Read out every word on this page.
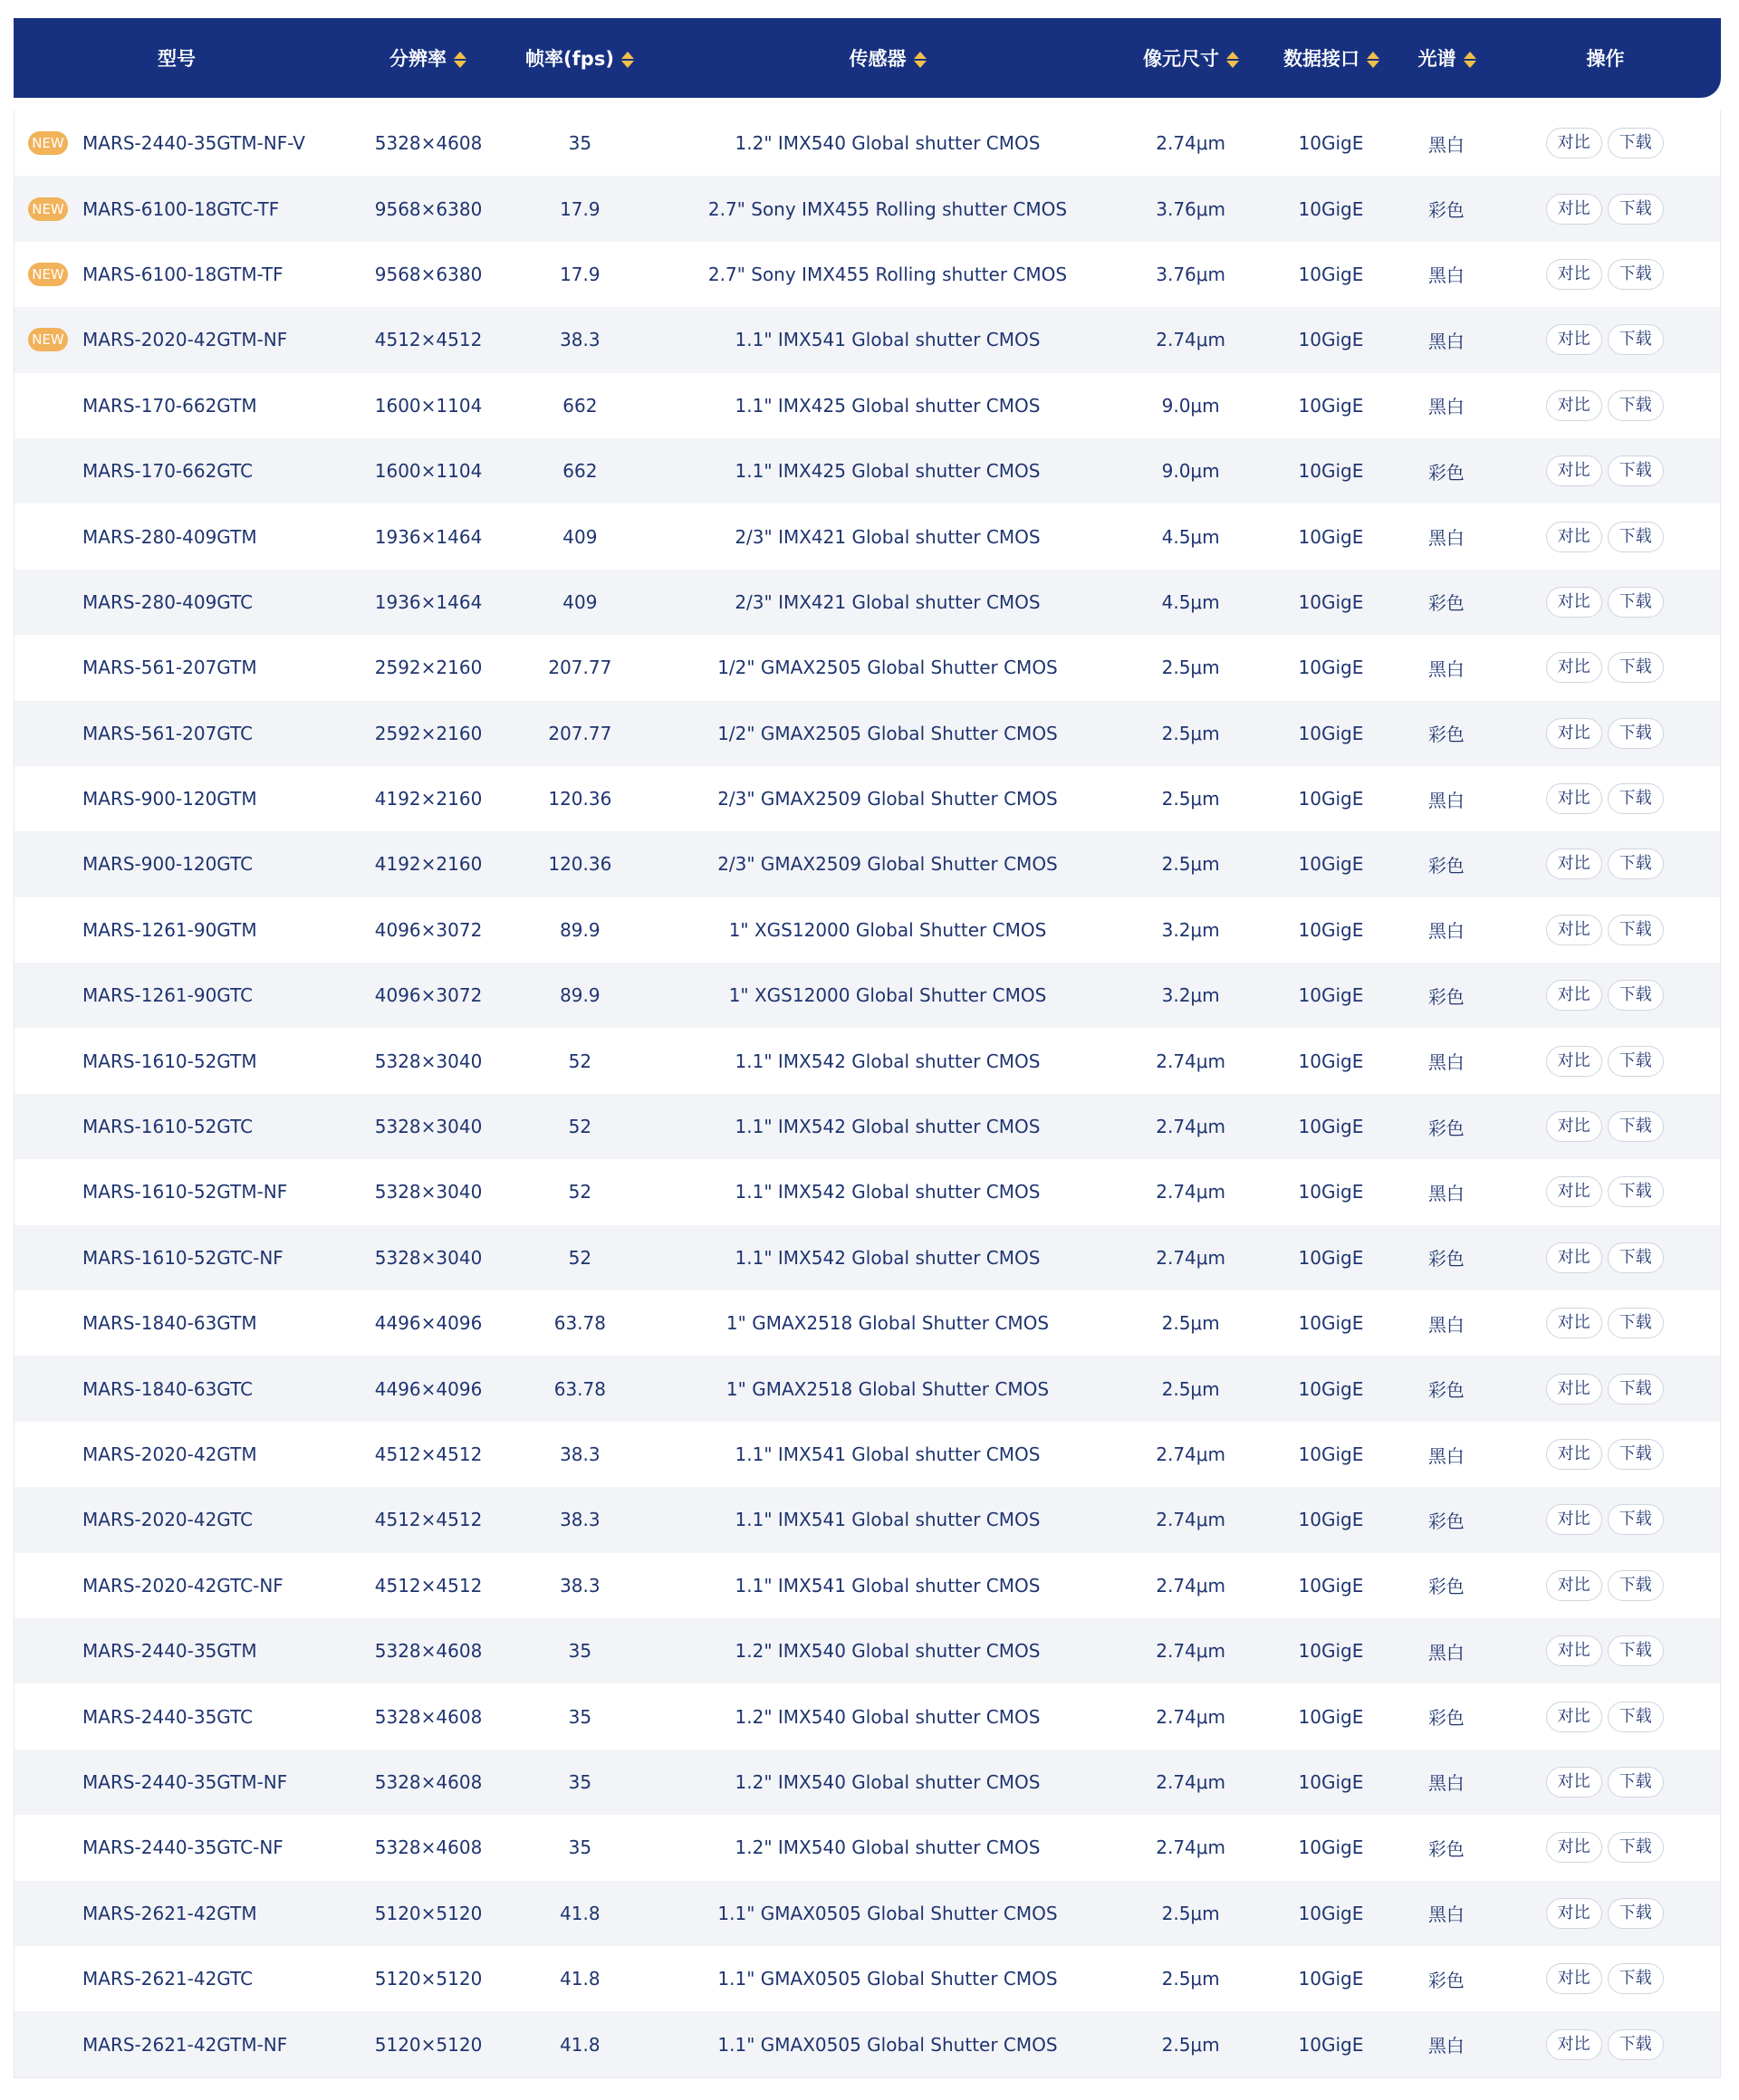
型号	分辨率	帧率(fps)	传感器	像元尺寸	数据接口	光谱	操作
NEW MARS-2440-35GTM-NF-V	5328×4608	35	1.2" IMX540 Global shutter CMOS	2.74μm	10GigE	黑白	对比 下载
NEW MARS-6100-18GTC-TF	9568×6380	17.9	2.7" Sony IMX455 Rolling shutter CMOS	3.76μm	10GigE	彩色	对比 下载
NEW MARS-6100-18GTM-TF	9568×6380	17.9	2.7" Sony IMX455 Rolling shutter CMOS	3.76μm	10GigE	黑白	对比 下载
NEW MARS-2020-42GTM-NF	4512×4512	38.3	1.1" IMX541 Global shutter CMOS	2.74μm	10GigE	黑白	对比 下载
MARS-170-662GTM	1600×1104	662	1.1" IMX425 Global shutter CMOS	9.0μm	10GigE	黑白	对比 下载
MARS-170-662GTC	1600×1104	662	1.1" IMX425 Global shutter CMOS	9.0μm	10GigE	彩色	对比 下载
MARS-280-409GTM	1936×1464	409	2/3" IMX421 Global shutter CMOS	4.5μm	10GigE	黑白	对比 下载
MARS-280-409GTC	1936×1464	409	2/3" IMX421 Global shutter CMOS	4.5μm	10GigE	彩色	对比 下载
MARS-561-207GTM	2592×2160	207.77	1/2" GMAX2505 Global Shutter CMOS	2.5μm	10GigE	黑白	对比 下载
MARS-561-207GTC	2592×2160	207.77	1/2" GMAX2505 Global Shutter CMOS	2.5μm	10GigE	彩色	对比 下载
MARS-900-120GTM	4192×2160	120.36	2/3" GMAX2509 Global Shutter CMOS	2.5μm	10GigE	黑白	对比 下载
MARS-900-120GTC	4192×2160	120.36	2/3" GMAX2509 Global Shutter CMOS	2.5μm	10GigE	彩色	对比 下载
MARS-1261-90GTM	4096×3072	89.9	1" XGS12000 Global Shutter CMOS	3.2μm	10GigE	黑白	对比 下载
MARS-1261-90GTC	4096×3072	89.9	1" XGS12000 Global Shutter CMOS	3.2μm	10GigE	彩色	对比 下载
MARS-1610-52GTM	5328×3040	52	1.1" IMX542 Global shutter CMOS	2.74μm	10GigE	黑白	对比 下载
MARS-1610-52GTC	5328×3040	52	1.1" IMX542 Global shutter CMOS	2.74μm	10GigE	彩色	对比 下载
MARS-1610-52GTM-NF	5328×3040	52	1.1" IMX542 Global shutter CMOS	2.74μm	10GigE	黑白	对比 下载
MARS-1610-52GTC-NF	5328×3040	52	1.1" IMX542 Global shutter CMOS	2.74μm	10GigE	彩色	对比 下载
MARS-1840-63GTM	4496×4096	63.78	1" GMAX2518 Global Shutter CMOS	2.5μm	10GigE	黑白	对比 下载
MARS-1840-63GTC	4496×4096	63.78	1" GMAX2518 Global Shutter CMOS	2.5μm	10GigE	彩色	对比 下载
MARS-2020-42GTM	4512×4512	38.3	1.1" IMX541 Global shutter CMOS	2.74μm	10GigE	黑白	对比 下载
MARS-2020-42GTC	4512×4512	38.3	1.1" IMX541 Global shutter CMOS	2.74μm	10GigE	彩色	对比 下载
MARS-2020-42GTC-NF	4512×4512	38.3	1.1" IMX541 Global shutter CMOS	2.74μm	10GigE	彩色	对比 下载
MARS-2440-35GTM	5328×4608	35	1.2" IMX540 Global shutter CMOS	2.74μm	10GigE	黑白	对比 下载
MARS-2440-35GTC	5328×4608	35	1.2" IMX540 Global shutter CMOS	2.74μm	10GigE	彩色	对比 下载
MARS-2440-35GTM-NF	5328×4608	35	1.2" IMX540 Global shutter CMOS	2.74μm	10GigE	黑白	对比 下载
MARS-2440-35GTC-NF	5328×4608	35	1.2" IMX540 Global shutter CMOS	2.74μm	10GigE	彩色	对比 下载
MARS-2621-42GTM	5120×5120	41.8	1.1" GMAX0505 Global Shutter CMOS	2.5μm	10GigE	黑白	对比 下载
MARS-2621-42GTC	5120×5120	41.8	1.1" GMAX0505 Global Shutter CMOS	2.5μm	10GigE	彩色	对比 下载
MARS-2621-42GTM-NF	5120×5120	41.8	1.1" GMAX0505 Global Shutter CMOS	2.5μm	10GigE	黑白	对比 下载
